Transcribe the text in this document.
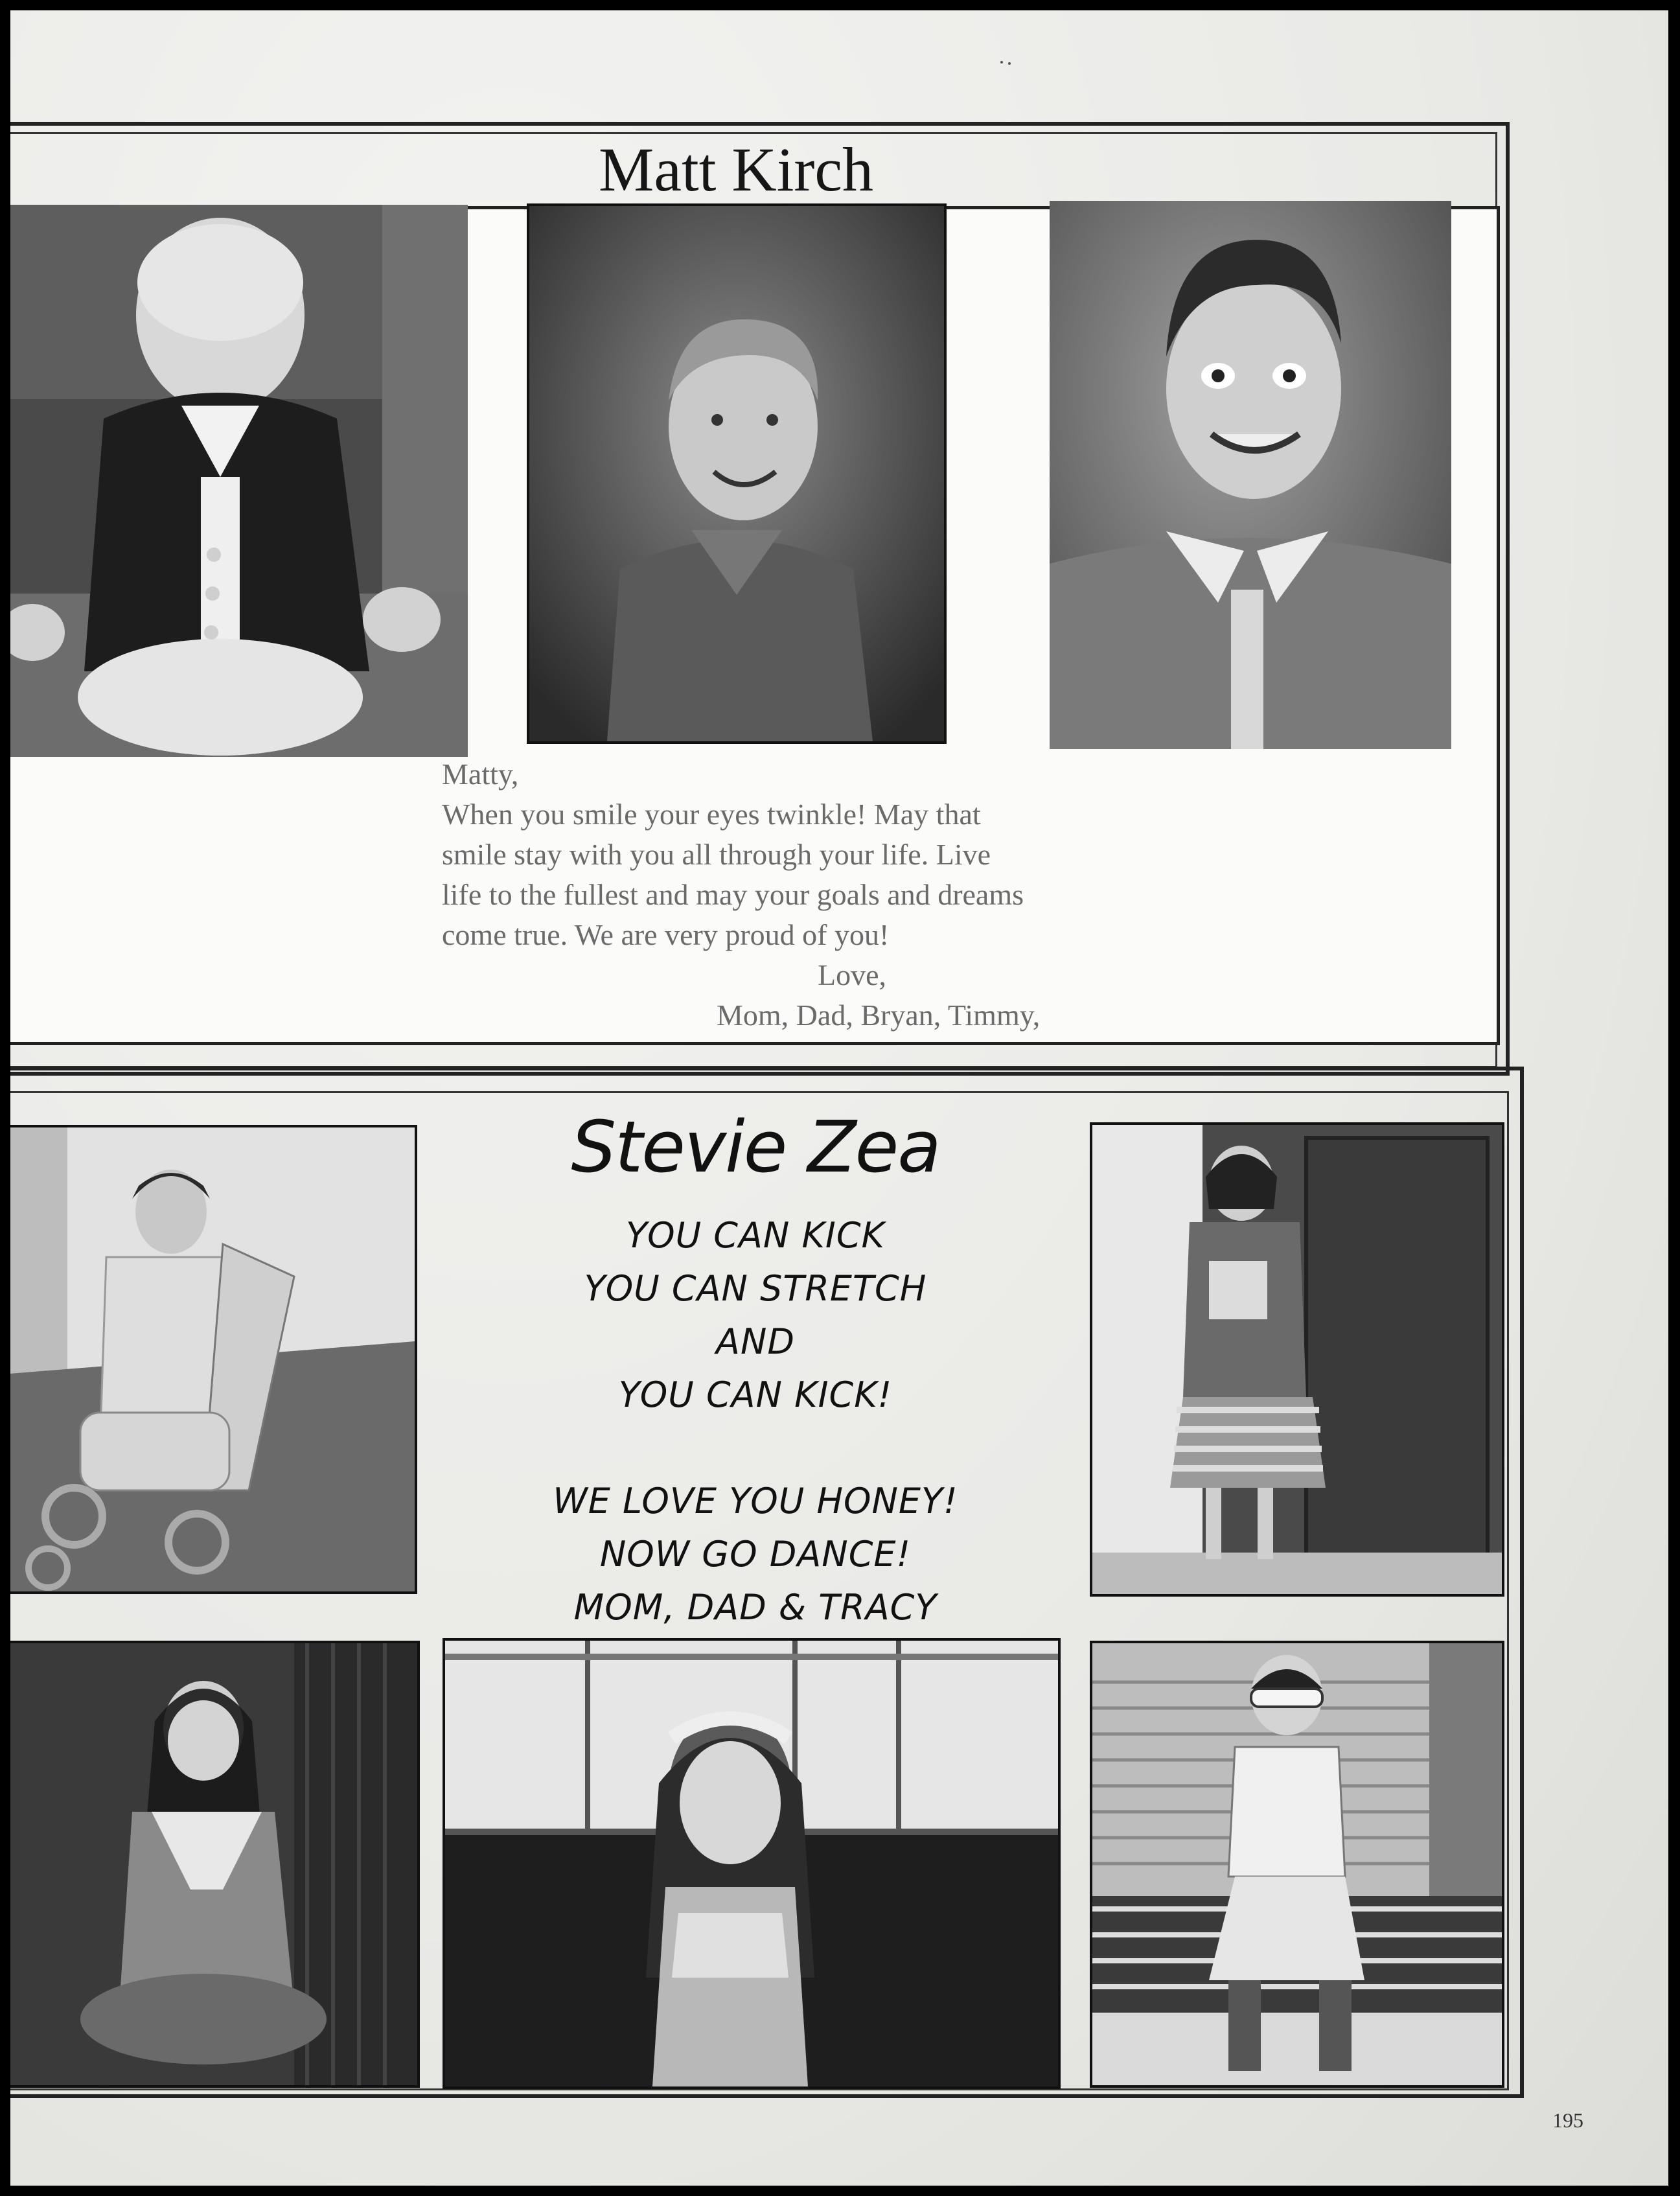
Matt Kirch
Matty,
When you smile your eyes twinkle! May that
smile stay with you all through your life. Live
life to the fullest and may your goals and dreams
come true. We are very proud of you!
Love,
Mom, Dad, Bryan, Timmy,
Stevie Zea
YOU CAN KICK
YOU CAN STRETCH
AND
YOU CAN KICK!
WE LOVE YOU HONEY!
NOW GO DANCE!
MOM, DAD & TRACY
195
